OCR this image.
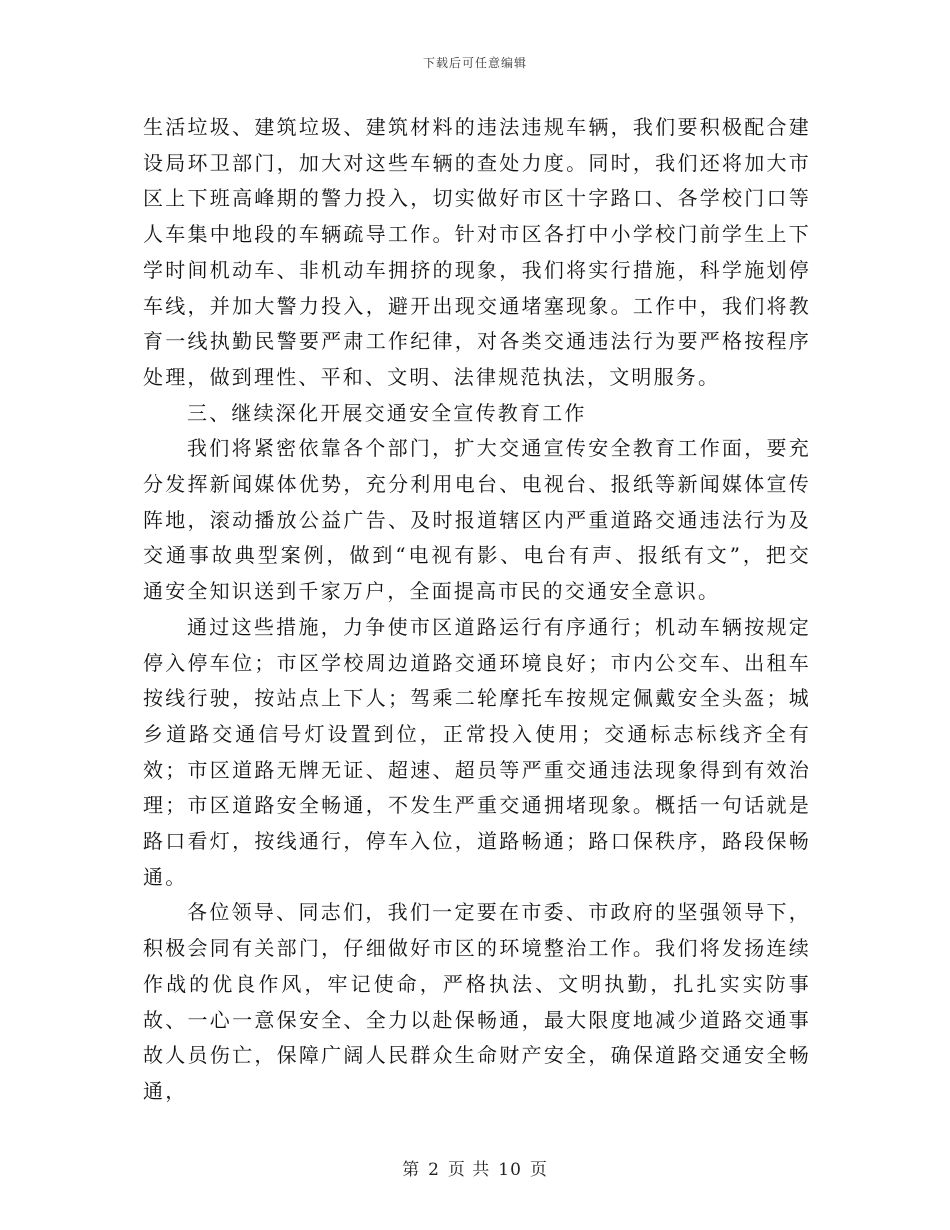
下载后可任意编辑

生活垃圾、建筑垃圾、建筑材料的违法违规车辆，我们要积极配合建设局环卫部门，加大对这些车辆的查处力度。同时，我们还将加大市区上下班高峰期的警力投入，切实做好市区十字路口、各学校门口等人车集中地段的车辆疏导工作。针对市区各打中小学校门前学生上下学时间机动车、非机动车拥挤的现象，我们将实行措施，科学施划停车线，并加大警力投入，避开出现交通堵塞现象。工作中，我们将教育一线执勤民警要严肃工作纪律，对各类交通违法行为要严格按程序处理，做到理性、平和、文明、法律规范执法，文明服务。

三、继续深化开展交通安全宣传教育工作

我们将紧密依靠各个部门，扩大交通宣传安全教育工作面，要充分发挥新闻媒体优势，充分利用电台、电视台、报纸等新闻媒体宣传阵地，滚动播放公益广告、及时报道辖区内严重道路交通违法行为及交通事故典型案例，做到“电视有影、电台有声、报纸有文”，把交通安全知识送到千家万户，全面提高市民的交通安全意识。

通过这些措施，力争使市区道路运行有序通行；机动车辆按规定停入停车位；市区学校周边道路交通环境良好；市内公交车、出租车按线行驶，按站点上下人；驾乘二轮摩托车按规定佩戴安全头盔；城乡道路交通信号灯设置到位，正常投入使用；交通标志标线齐全有效；市区道路无牌无证、超速、超员等严重交通违法现象得到有效治理；市区道路安全畅通，不发生严重交通拥堵现象。概括一句话就是路口看灯，按线通行，停车入位，道路畅通；路口保秩序，路段保畅通。

各位领导、同志们，我们一定要在市委、市政府的坚强领导下，积极会同有关部门，仔细做好市区的环境整治工作。我们将发扬连续作战的优良作风，牢记使命，严格执法、文明执勤，扎扎实实防事故、一心一意保安全、全力以赴保畅通，最大限度地减少道路交通事故人员伤亡，保障广阔人民群众生命财产安全，确保道路交通安全畅通，

第 2 页 共 10 页
